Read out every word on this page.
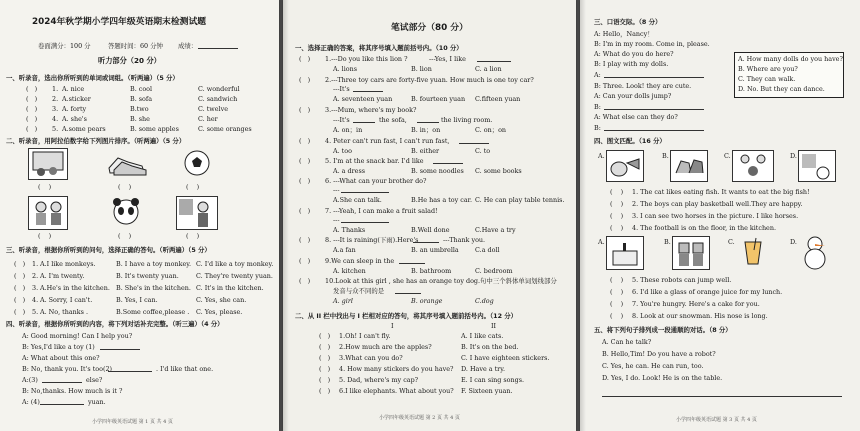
2024年秋学期小学四年级英语期末检测试题
卷面满分：100 分	答题时间：60 分钟 成绩：
听力部分（20 分）
一、听录音，选出你所听到的单词或词组。（听两遍）（5 分）
(   ) 1. A. nice	B. cool	C. wonderful
(   ) 2. A.sticker	B. sofa	C. sandwich
(   ) 3. A. forty	B.two	C. twelve
(   ) 4. A. she's	B. she	C. her
(   ) 5. A.some pears	B. some apples	C. some oranges
二、听录音，用阿拉伯数字给下列图片排序。（听两遍）（5 分）
(    )	(    )	(    )
(    )	(    )	(    )
三、听录音，根据你所听到的问句，选择正确的答句。（听两遍）（5 分）
(   ) 1. A.I like monkeys.	B. I have a toy monkey. C. I'd like a toy monkey.
(   ) 2. A. I'm twenty.	B. It's twenty yuan.	C. They're twenty yuan.
(   ) 3. A.He's in the kitchen. B. She's in the kitchen. C. It's in the kitchen.
(   ) 4. A. Sorry, I can't.	B. Yes, I can.	C. Yes, she can.
(   ) 5. A. No, thanks .	B.Some coffee,please . C. Yes, please.
四、听录音，根据你所听到的内容，将下列对话补充完整。（听三遍）（4 分）
A: Good morning! Can I help you?
B: Yes,I'd like a toy (1)
A: What about this one?
B: No, thank you. It's too(2)	. I'd like that one.
A:(3)	else?
B: No,thanks. How much is it ?
A: (4)	yuan.
小学四年级英语试题 第 1 页 共 4 页
笔试部分（80 分）
一、选择正确的答案，将其序号填入题前括号内。（10 分）
(   ) 1.---Do you like this lion ?	---Yes, I like
A. lions	B. lion	C. a lion
(   ) 2.---Three toy cars are forty-five yuan. How much is one toy car?
---It's
A. seventeen yuan	B. fourteen yuan C.fifteen yuan
(   ) 3.---Mum, where's my book?
---It's	the sofa,	the living room.
A. on；in	B. in；on	C. on；on
(   ) 4. Peter can't run fast, I can't run fast,
A. too	B. either	C. to
(   ) 5. I'm at the snack bar. I'd like
A. a dress	B. some noodles C. some books
(   ) 6. ---What can your brother do?
---
A.She can talk.	B.He has a toy car. C. He can play table tennis.
(   ) 7. ---Yeah, I can make a fruit salad!
---
A. Thanks	B.Well done	C.Have a try
(   ) 8. ---It is raining(下雨).Here's	---Thank you.
A.a fan	B. an umbrella	C.a doll
(   ) 9.We can sleep in the
A. kitchen	B. bathroom	C. bedroom
(   ) 10.Look at this girl , she has an orange toy dog.句中三个斜体单词划线部分
发音与众不同的是
A. girl	B. orange	C.dog
二、从 II 栏中找出与 I 栏相对应的答句，将其序号填入题前括号内。（12 分）
I	II
(   ) 1.Oh! I can't fly.	A. I like cats.
(   ) 2.How much are the apples?	B. It's on the bed.
(   ) 3.What can you do?	C. I have eighteen stickers.
(   ) 4. How many stickers do you have? D. Have a try.
(   ) 5. Dad, where's my cap?	E. I can sing songs.
(   ) 6.I like elephants. What about you? F. Sixteen yuan.
小学四年级英语试题 第 2 页 共 4 页
三、口语交际。（8 分）
A: Hello，Nancy！
B: I'm in my room. Come in, please.
A: What do you do here?
B: I play with my dolls.
A:
B: Three. Look! they are cute.
A: Can your dolls jump?
B:
A: What else can they do?
B:
A. How many dolls do you have?
B. Where are you?
C. They can walk.
D. No. But they can dance.
四、图文匹配。（16 分）
A.	B.	C.	D.
(    ) 1. The cat likes eating fish. It wants to eat the big fish!
(    ) 2. The boys can play basketball well.They are happy.
(    ) 3. I can see two horses in the picture. I like horses.
(    ) 4. The football is on the floor, in the kitchen.
A.	B.	C.	D.
(    ) 5. These robots can jump well.
(    ) 6. I'd like a glass of orange juice for my lunch.
(    ) 7. You're hungry. Here's a cake for you.
(    ) 8. Look at our snowman. His nose is long.
五、将下列句子排列成一段通顺的对话。（8 分）
A. Can he talk?
B. Hello,Tim! Do you have a robot?
C. Yes, he can. He can run, too.
D. Yes, I do. Look! He is on the table.
小学四年级英语试题 第 3 页 共 4 页
